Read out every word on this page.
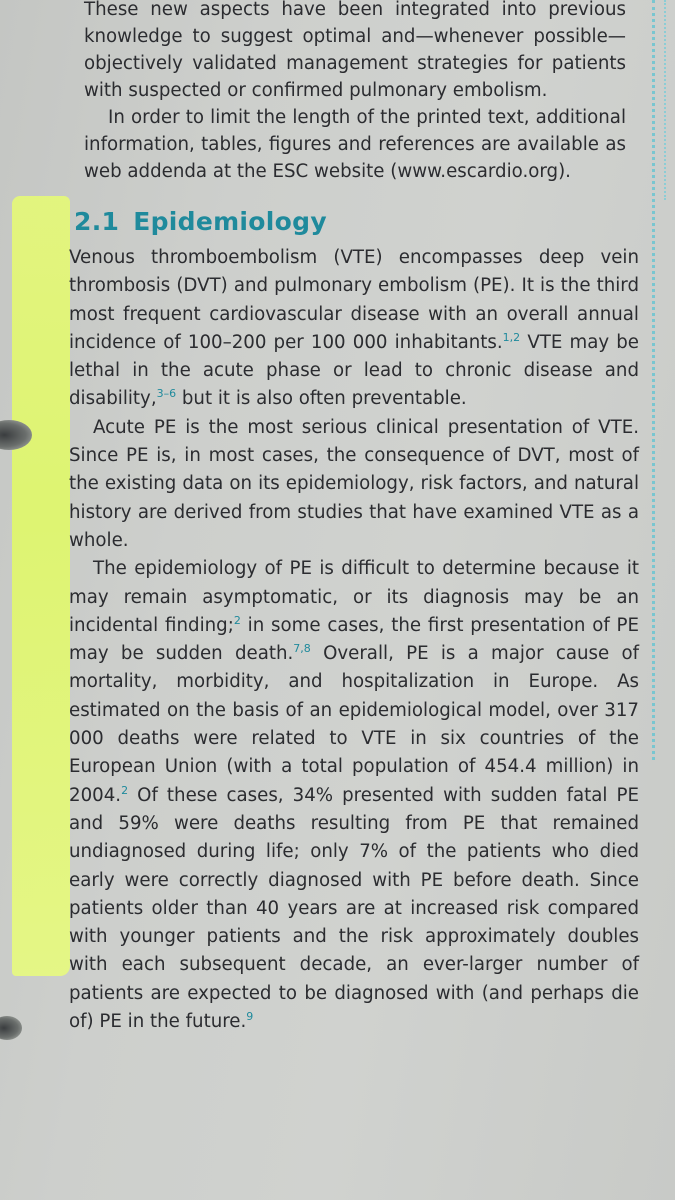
These new aspects have been integrated into previous knowledge to suggest optimal and—whenever possible—objectively validated management strategies for patients with suspected or confirmed pulmonary embolism.

In order to limit the length of the printed text, additional information, tables, figures and references are available as web addenda at the ESC website (www.escardio.org).

2.1 Epidemiology

Venous thromboembolism (VTE) encompasses deep vein thrombosis (DVT) and pulmonary embolism (PE). It is the third most frequent cardiovascular disease with an overall annual incidence of 100–200 per 100 000 inhabitants.$^{1,2}$ VTE may be lethal in the acute phase or lead to chronic disease and disability,$^{3-6}$ but it is also often preventable.

Acute PE is the most serious clinical presentation of VTE. Since PE is, in most cases, the consequence of DVT, most of the existing data on its epidemiology, risk factors, and natural history are derived from studies that have examined VTE as a whole.

The epidemiology of PE is difficult to determine because it may remain asymptomatic, or its diagnosis may be an incidental finding;$^2$ in some cases, the first presentation of PE may be sudden death.$^{7,8}$ Overall, PE is a major cause of mortality, morbidity, and hospitalization in Europe. As estimated on the basis of an epidemiological model, over 317 000 deaths were related to VTE in six countries of the European Union (with a total population of 454.4 million) in 2004.$^2$ Of these cases, 34% presented with sudden fatal PE and 59% were deaths resulting from PE that remained undiagnosed during life; only 7% of the patients who died early were correctly diagnosed with PE before death. Since patients older than 40 years are at increased risk compared with younger patients and the risk approximately doubles with each subsequent decade, an ever-larger number of patients are expected to be diagnosed with (and perhaps die of) PE in the future.$^9$
